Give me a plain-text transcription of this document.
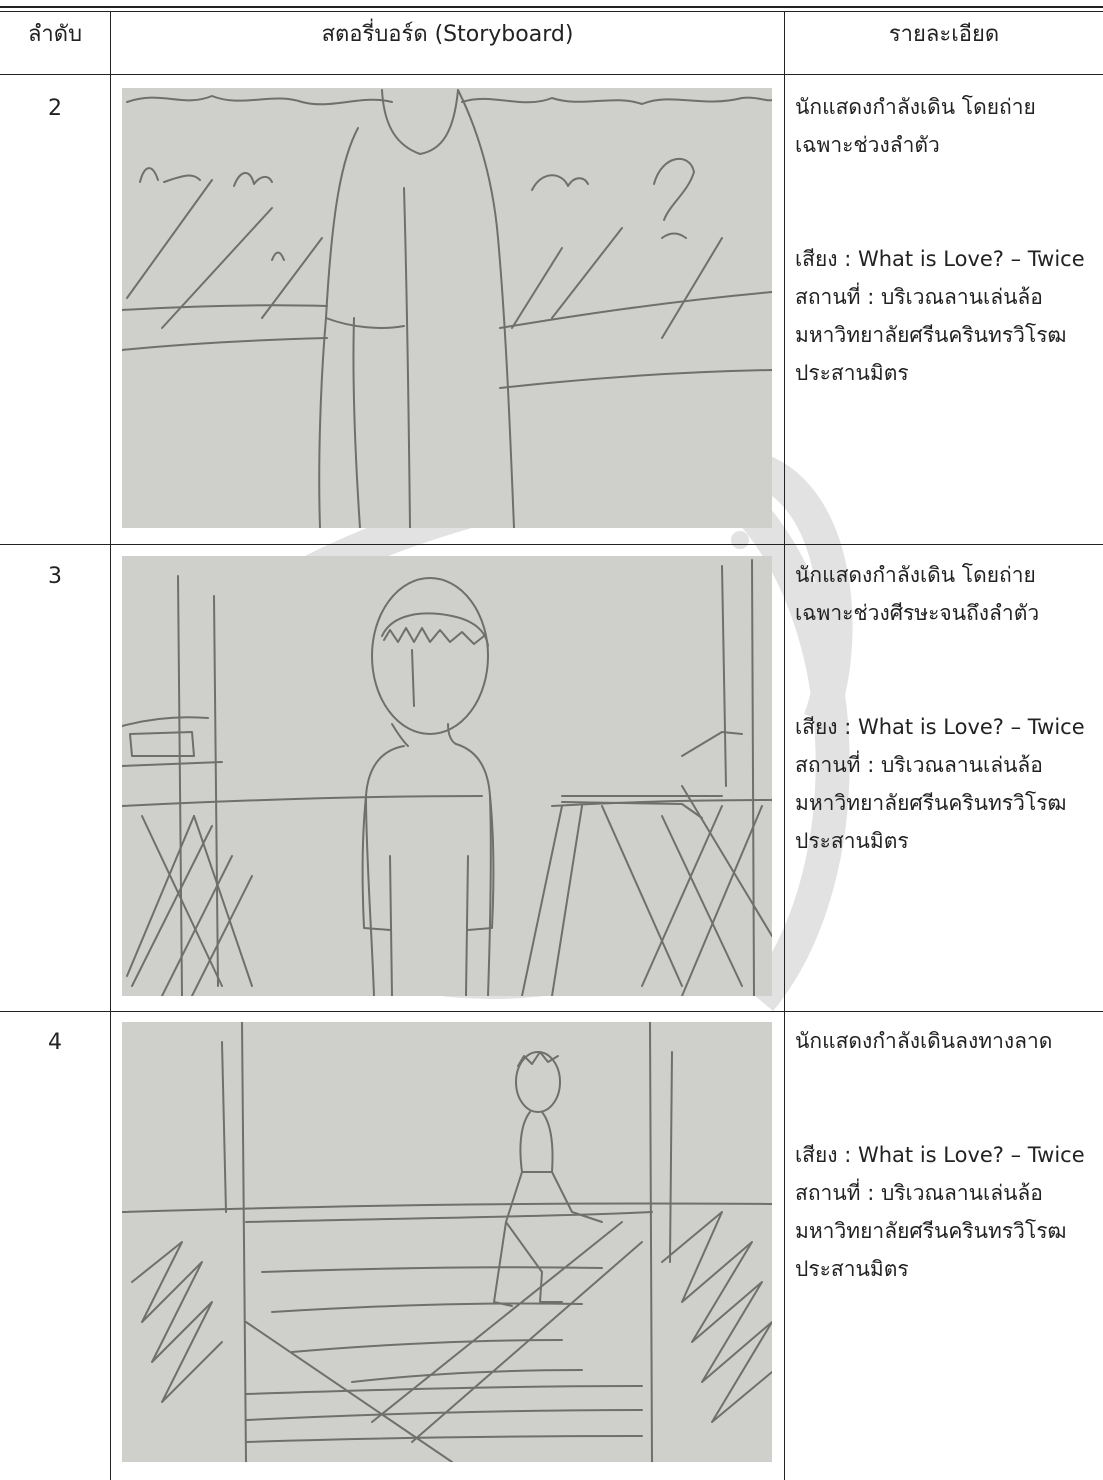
ลำดับ	สตอรี่บอร์ด (Storyboard)	รายละเอียด
2	นักแสดงกำลังเดิน โดยถ่าย
เฉพาะช่วงลำตัว
เสียง : What is Love? – Twice
สถานที่ : บริเวณลานเล่นล้อ
มหาวิทยาลัยศรีนครินทรวิโรฒ
ประสานมิตร
3	นักแสดงกำลังเดิน โดยถ่าย
เฉพาะช่วงศีรษะจนถึงลำตัว
เสียง : What is Love? – Twice
สถานที่ : บริเวณลานเล่นล้อ
มหาวิทยาลัยศรีนครินทรวิโรฒ
ประสานมิตร
4	นักแสดงกำลังเดินลงทางลาด
เสียง : What is Love? – Twice
สถานที่ : บริเวณลานเล่นล้อ
มหาวิทยาลัยศรีนครินทรวิโรฒ
ประสานมิตร
